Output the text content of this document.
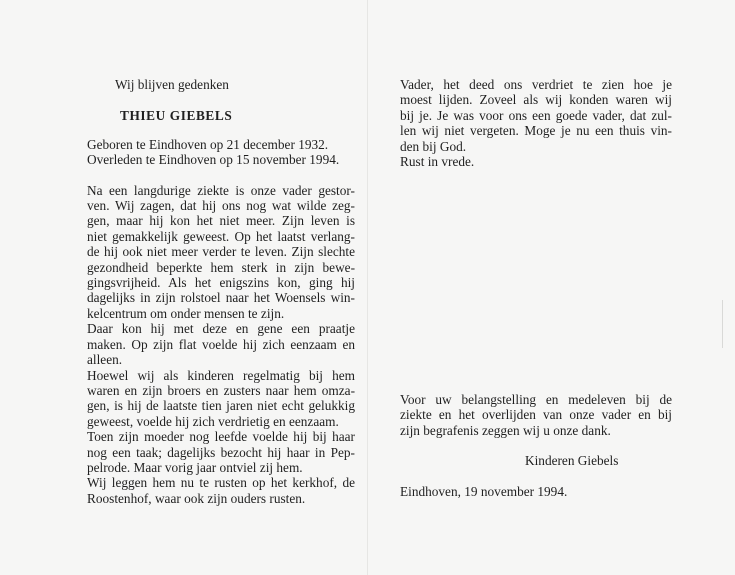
Wij blijven gedenken
THIEU GIEBELS
Geboren te Eindhoven op 21 december 1932.
Overleden te Eindhoven op 15 november 1994.
Na een langdurige ziekte is onze vader gestor-
ven. Wij zagen, dat hij ons nog wat wilde zeg-
gen, maar hij kon het niet meer. Zijn leven is
niet gemakkelijk geweest. Op het laatst verlang-
de hij ook niet meer verder te leven. Zijn slechte
gezondheid beperkte hem sterk in zijn bewe-
gingsvrijheid. Als het enigszins kon, ging hij
dagelijks in zijn rolstoel naar het Woensels win-
kelcentrum om onder mensen te zijn.
Daar kon hij met deze en gene een praatje
maken. Op zijn flat voelde hij zich eenzaam en
alleen.
Hoewel wij als kinderen regelmatig bij hem
waren en zijn broers en zusters naar hem omza-
gen, is hij de laatste tien jaren niet echt gelukkig
geweest, voelde hij zich verdrietig en eenzaam.
Toen zijn moeder nog leefde voelde hij bij haar
nog een taak; dagelijks bezocht hij haar in Pep-
pelrode. Maar vorig jaar ontviel zij hem.
Wij leggen hem nu te rusten op het kerkhof, de
Roostenhof, waar ook zijn ouders rusten.
Vader, het deed ons verdriet te zien hoe je
moest lijden. Zoveel als wij konden waren wij
bij je. Je was voor ons een goede vader, dat zul-
len wij niet vergeten. Moge je nu een thuis vin-
den bij God.
Rust in vrede.
Voor uw belangstelling en medeleven bij de
ziekte en het overlijden van onze vader en bij
zijn begrafenis zeggen wij u onze dank.
Kinderen Giebels
Eindhoven, 19 november 1994.
